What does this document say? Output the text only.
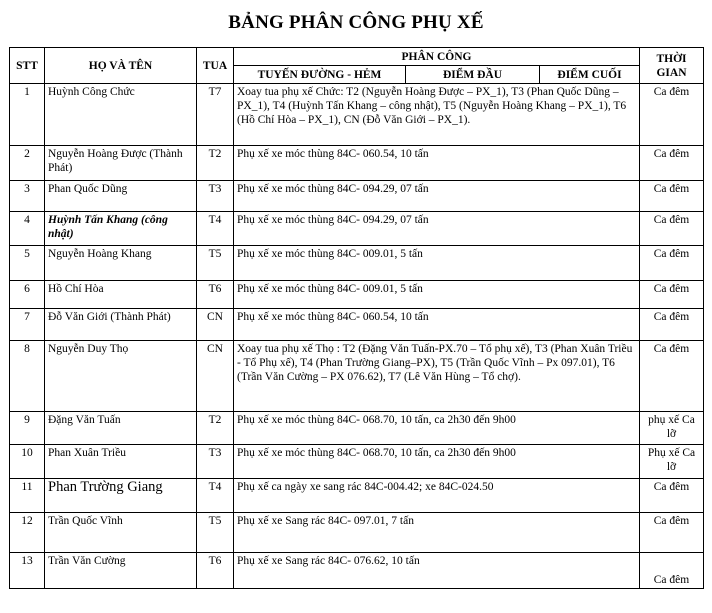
BẢNG PHÂN CÔNG PHỤ XẾ
STT	HỌ VÀ TÊN	TUA	PHÂN CÔNG			THỜI GIAN
			TUYẾN ĐƯỜNG - HẺM	ĐIỂM ĐẦU	ĐIỂM CUỐI	
1	Huỳnh Công Chức	T7	Xoay tua phụ xế Chức: T2 (Nguyễn Hoàng Được – PX_1), T3 (Phan Quốc Dũng – PX_1), T4 (Huỳnh Tấn Khang – công nhật), T5 (Nguyễn Hoàng Khang – PX_1), T6 (Hồ Chí Hòa – PX_1), CN (Đỗ Văn Giới – PX_1).			Ca đêm
2	Nguyễn Hoàng Được (Thành Phát)	T2	Phụ xế xe móc thùng 84C- 060.54, 10 tấn			Ca đêm
3	Phan Quốc Dũng	T3	Phụ xế xe móc thùng 84C- 094.29, 07 tấn			Ca đêm
4	Huỳnh Tấn Khang (công nhật)	T4	Phụ xế xe móc thùng 84C- 094.29, 07 tấn			Ca đêm
5	Nguyễn Hoàng Khang	T5	Phụ xế xe móc thùng 84C- 009.01, 5 tấn			Ca đêm
6	Hồ Chí Hòa	T6	Phụ xế xe móc thùng 84C- 009.01, 5 tấn			Ca đêm
7	Đỗ Văn Giới (Thành Phát)	CN	Phụ xế xe móc thùng 84C- 060.54, 10 tấn			Ca đêm
8	Nguyễn Duy Thọ	CN	Xoay tua phụ xế Thọ : T2 (Đặng Văn Tuấn-PX.70 – Tổ phụ xế), T3 (Phan Xuân Triều - Tổ Phụ xế), T4 (Phan Trường Giang–PX), T5 (Trần Quốc Vĩnh – Px 097.01), T6 (Trần Văn Cường – PX 076.62), T7 (Lê Văn Hùng – Tổ chợ).			Ca đêm
9	Đặng Văn Tuấn	T2	Phụ xế xe móc thùng 84C- 068.70, 10 tấn, ca 2h30 đến 9h00			phụ xế Ca lỡ
10	Phan Xuân Triều	T3	Phụ xế xe móc thùng 84C- 068.70, 10 tấn, ca 2h30 đến 9h00			Phụ xế Ca lỡ
11	Phan Trường Giang	T4	Phụ xế ca ngày xe sang rác 84C-004.42; xe 84C-024.50			Ca đêm
12	Trần Quốc Vĩnh	T5	Phụ xế xe Sang rác 84C- 097.01, 7 tấn			Ca đêm
13	Trần Văn Cường	T6	Phụ xế xe Sang rác 84C- 076.62, 10 tấn			Ca đêm
